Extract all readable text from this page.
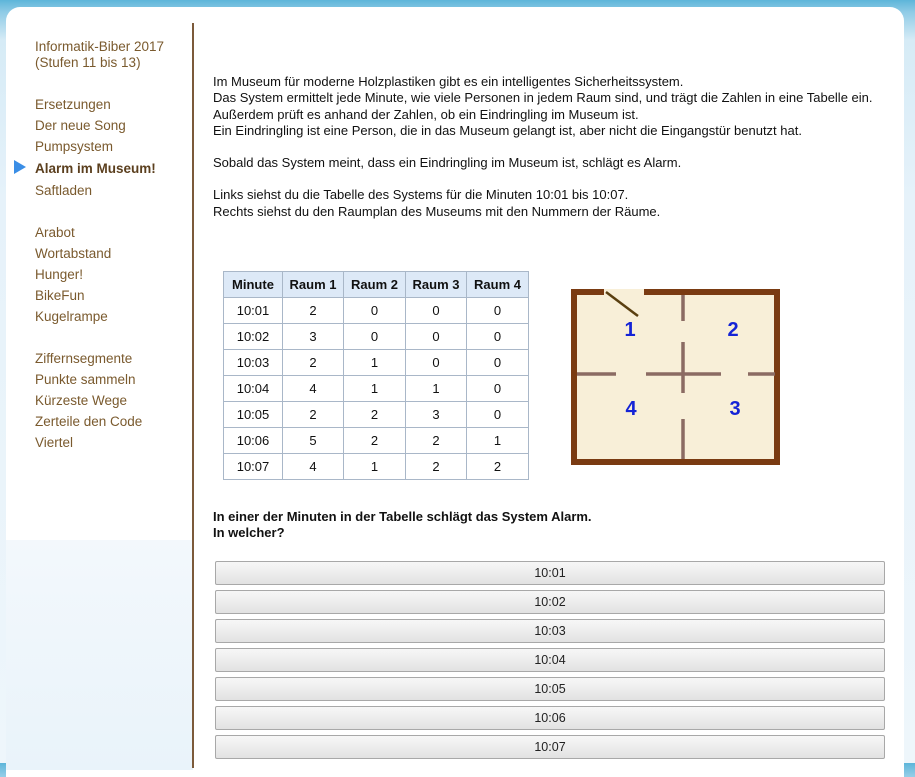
Informatik-Biber 2017
(Stufen 11 bis 13)
Ersetzungen
Der neue Song
Pumpsystem
Alarm im Museum!
Saftladen
Arabot
Wortabstand
Hunger!
BikeFun
Kugelrampe
Ziffernsegmente
Punkte sammeln
Kürzeste Wege
Zerteile den Code
Viertel

Im Museum für moderne Holzplastiken gibt es ein intelligentes Sicherheitssystem.
Das System ermittelt jede Minute, wie viele Personen in jedem Raum sind, und trägt die Zahlen in eine Tabelle ein.
Außerdem prüft es anhand der Zahlen, ob ein Eindringling im Museum ist.
Ein Eindringling ist eine Person, die in das Museum gelangt ist, aber nicht die Eingangstür benutzt hat.

Sobald das System meint, dass ein Eindringling im Museum ist, schlägt es Alarm.

Links siehst du die Tabelle des Systems für die Minuten 10:01 bis 10:07.
Rechts siehst du den Raumplan des Museums mit den Nummern der Räume.

Minute	Raum 1	Raum 2	Raum 3	Raum 4
10:01	2	0	0	0
10:02	3	0	0	0
10:03	2	1	0	0
10:04	4	1	1	0
10:05	2	2	3	0
10:06	5	2	2	1
10:07	4	1	2	2
1	2
4	3
In einer der Minuten in der Tabelle schlägt das System Alarm.
In welcher?
10:01
10:02
10:03
10:04
10:05
10:06
10:07
